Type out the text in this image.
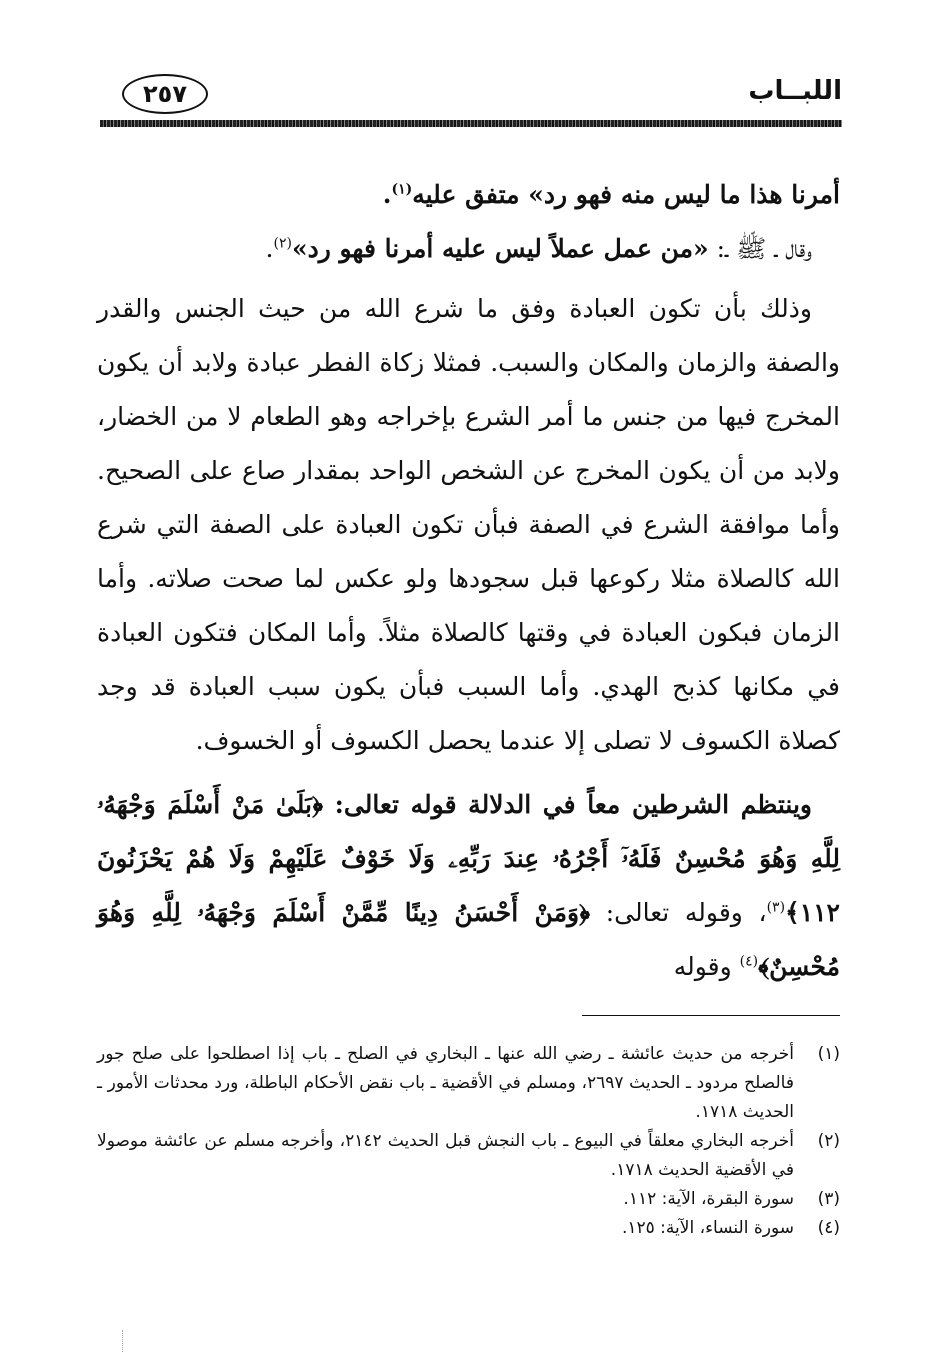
٢٥٧	اللبــاب

أمرنا هذا ما ليس منه فهو رد» متفق عليه$^{(١)}$.

وقال ـ ﷺ ـ: «من عمل عملاً ليس عليه أمرنا فهو رد»$^{(٢)}$.

وذلك بأن تكون العبادة وفق ما شرع الله من حيث الجنس والقدر والصفة والزمان والمكان والسبب. فمثلا زكاة الفطر عبادة ولابد أن يكون المخرج فيها من جنس ما أمر الشرع بإخراجه وهو الطعام لا من الخضار، ولابد من أن يكون المخرج عن الشخص الواحد بمقدار صاع على الصحيح. وأما موافقة الشرع في الصفة فبأن تكون العبادة على الصفة التي شرع الله كالصلاة مثلا ركوعها قبل سجودها ولو عكس لما صحت صلاته. وأما الزمان فبكون العبادة في وقتها كالصلاة مثلاً. وأما المكان فتكون العبادة في مكانها كذبح الهدي. وأما السبب فبأن يكون سبب العبادة قد وجد كصلاة الكسوف لا تصلى إلا عندما يحصل الكسوف أو الخسوف.

وينتظم الشرطين معاً في الدلالة قوله تعالى: ﴿بَلَىٰ مَنْ أَسْلَمَ وَجْهَهُۥ لِلَّهِ وَهُوَ مُحْسِنٌ فَلَهُۥٓ أَجْرُهُۥ عِندَ رَبِّهِۦ وَلَا خَوْفٌ عَلَيْهِمْ وَلَا هُمْ يَحْزَنُونَ ١١٢﴾$^{(٣)}$، وقوله تعالى: ﴿وَمَنْ أَحْسَنُ دِينًا مِّمَّنْ أَسْلَمَ وَجْهَهُۥ لِلَّهِ وَهُوَ مُحْسِنٌ﴾$^{(٤)}$ وقوله

(١)
أخرجه من حديث عائشة ـ رضي الله عنها ـ البخاري في الصلح ـ باب إذا اصطلحوا على صلح جور فالصلح مردود ـ الحديث ٢٦٩٧، ومسلم في الأقضية ـ باب نقض الأحكام الباطلة، ورد محدثات الأمور ـ الحديث ١٧١٨.
(٢)
أخرجه البخاري معلقاً في البيوع ـ باب النجش قبل الحديث ٢١٤٢، وأخرجه مسلم عن عائشة موصولا في الأقضية الحديث ١٧١٨.
(٣)
سورة البقرة، الآية: ١١٢.
(٤)
سورة النساء، الآية: ١٢٥.
